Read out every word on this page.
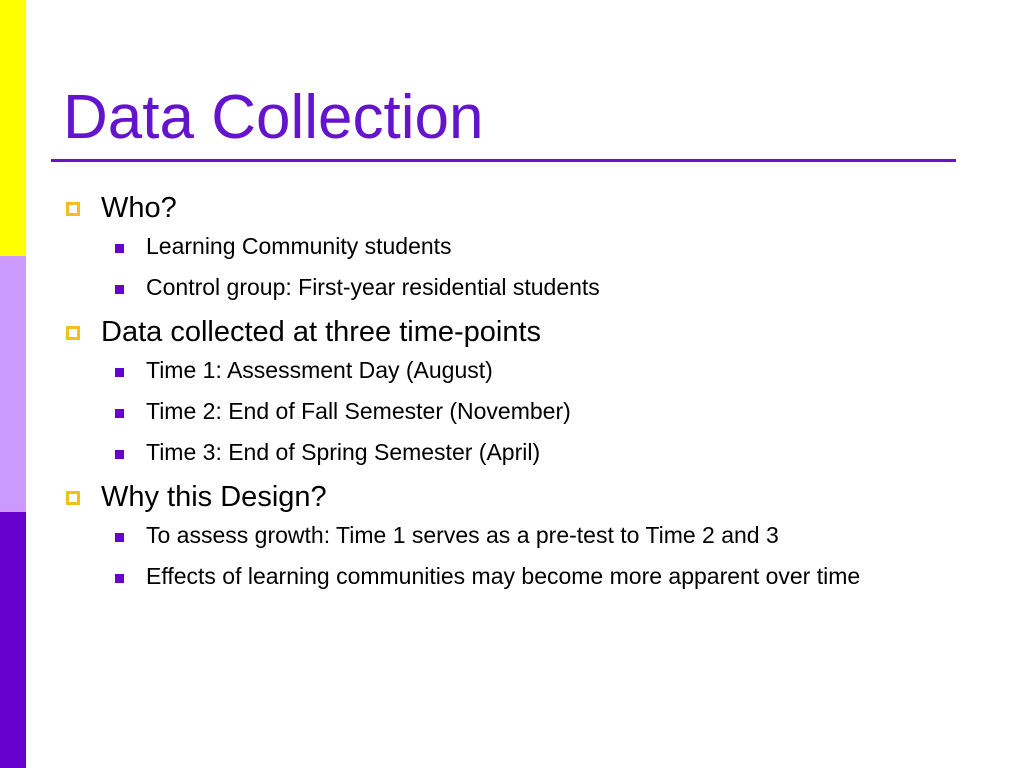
Data Collection
Who?
Learning Community students
Control group: First-year residential students
Data collected at three time-points
Time 1: Assessment Day (August)
Time 2: End of Fall Semester (November)
Time 3: End of Spring Semester (April)
Why this Design?
To assess growth: Time 1 serves as a pre-test to Time 2 and 3
Effects of learning communities may become more apparent over time
